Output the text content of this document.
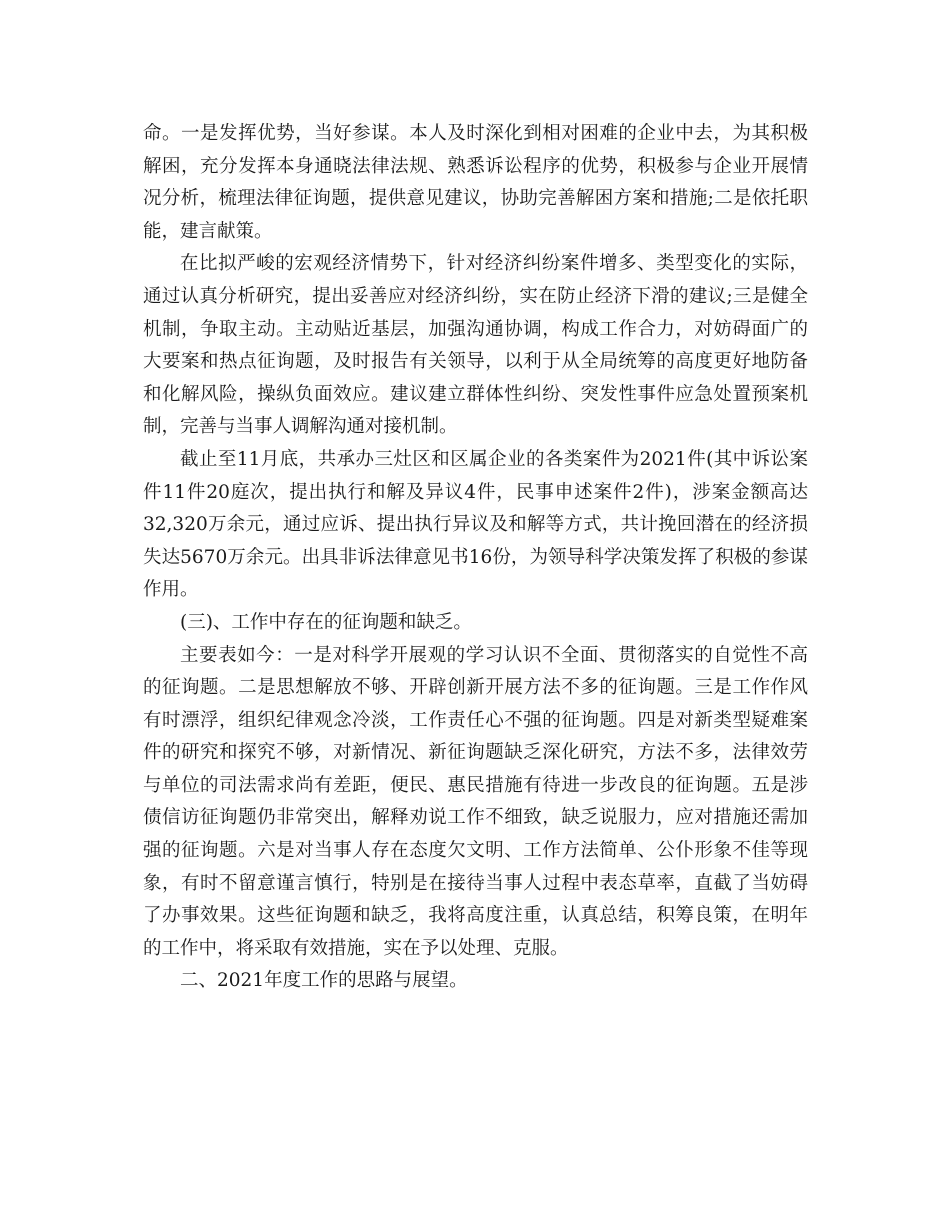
命。一是发挥优势，当好参谋。本人及时深化到相对困难的企业中去，为其积极解困，充分发挥本身通晓法律法规、熟悉诉讼程序的优势，积极参与企业开展情况分析，梳理法律征询题，提供意见建议，协助完善解困方案和措施;二是依托职能，建言献策。

在比拟严峻的宏观经济情势下，针对经济纠纷案件增多、类型变化的实际，通过认真分析研究，提出妥善应对经济纠纷，实在防止经济下滑的建议;三是健全机制，争取主动。主动贴近基层，加强沟通协调，构成工作合力，对妨碍面广的大要案和热点征询题，及时报告有关领导，以利于从全局统筹的高度更好地防备和化解风险，操纵负面效应。建议建立群体性纠纷、突发性事件应急处置预案机制，完善与当事人调解沟通对接机制。

截止至11月底，共承办三灶区和区属企业的各类案件为2021件(其中诉讼案件11件20庭次，提出执行和解及异议4件，民事申述案件2件)，涉案金额高达32,320万余元，通过应诉、提出执行异议及和解等方式，共计挽回潜在的经济损失达5670万余元。出具非诉法律意见书16份，为领导科学决策发挥了积极的参谋作用。

(三)、工作中存在的征询题和缺乏。

主要表如今：一是对科学开展观的学习认识不全面、贯彻落实的自觉性不高的征询题。二是思想解放不够、开辟创新开展方法不多的征询题。三是工作作风有时漂浮，组织纪律观念冷淡，工作责任心不强的征询题。四是对新类型疑难案件的研究和探究不够，对新情况、新征询题缺乏深化研究，方法不多，法律效劳与单位的司法需求尚有差距，便民、惠民措施有待进一步改良的征询题。五是涉债信访征询题仍非常突出，解释劝说工作不细致，缺乏说服力，应对措施还需加强的征询题。六是对当事人存在态度欠文明、工作方法简单、公仆形象不佳等现象，有时不留意谨言慎行，特别是在接待当事人过程中表态草率，直截了当妨碍了办事效果。这些征询题和缺乏，我将高度注重，认真总结，积筹良策，在明年的工作中，将采取有效措施，实在予以处理、克服。

二、2021年度工作的思路与展望。
